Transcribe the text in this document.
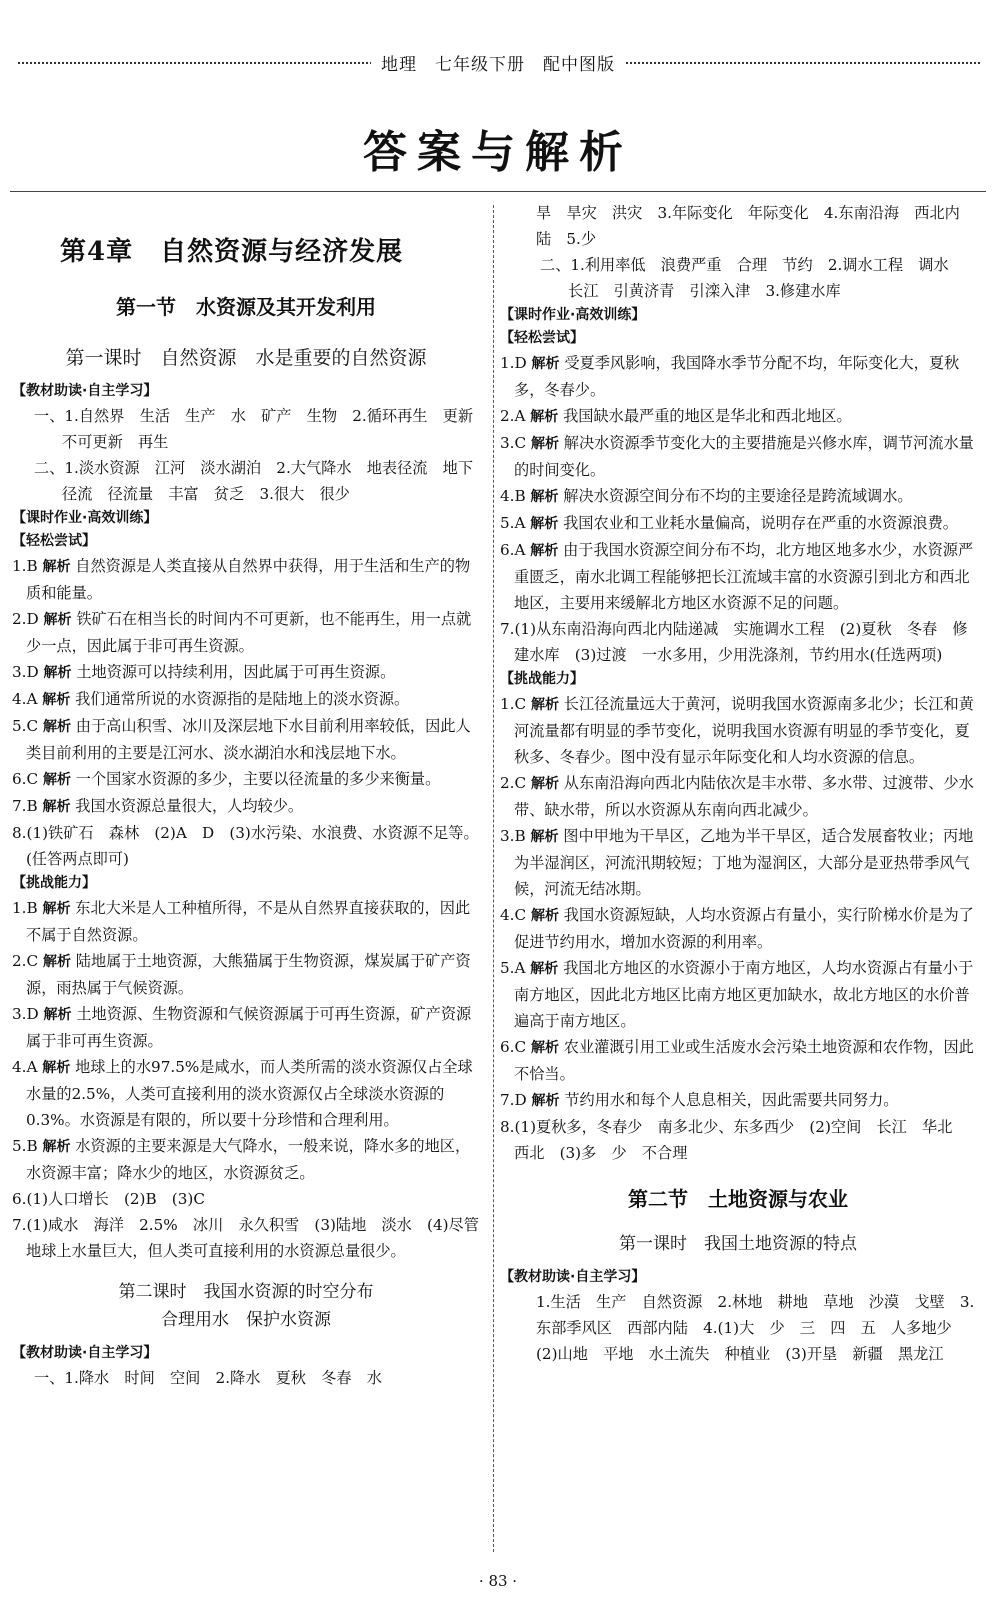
地理　七年级下册　配中图版
答案与解析
第4章　自然资源与经济发展
第一节　水资源及其开发利用
第一课时　自然资源　水是重要的自然资源
【教材助读·自主学习】

一、1.自然界　生活　生产　水　矿产　生物　2.循环再生　更新　不可更新　再生

二、1.淡水资源　江河　淡水湖泊　2.大气降水　地表径流　地下径流　径流量　丰富　贫乏　3.很大　很少

【课时作业·高效训练】
【轻松尝试】

1.B 解析 自然资源是人类直接从自然界中获得，用于生活和生产的物质和能量。

2.D 解析 铁矿石在相当长的时间内不可更新，也不能再生，用一点就少一点，因此属于非可再生资源。

3.D 解析 土地资源可以持续利用，因此属于可再生资源。

4.A 解析 我们通常所说的水资源指的是陆地上的淡水资源。

5.C 解析 由于高山积雪、冰川及深层地下水目前利用率较低，因此人类目前利用的主要是江河水、淡水湖泊水和浅层地下水。

6.C 解析 一个国家水资源的多少，主要以径流量的多少来衡量。

7.B 解析 我国水资源总量很大，人均较少。

8.(1)铁矿石　森林　(2)A　D　(3)水污染、水浪费、水资源不足等。(任答两点即可)

【挑战能力】

1.B 解析 东北大米是人工种植所得，不是从自然界直接获取的，因此不属于自然资源。

2.C 解析 陆地属于土地资源，大熊猫属于生物资源，煤炭属于矿产资源，雨热属于气候资源。

3.D 解析 土地资源、生物资源和气候资源属于可再生资源，矿产资源属于非可再生资源。

4.A 解析 地球上的水97.5%是咸水，而人类所需的淡水资源仅占全球水量的2.5%，人类可直接利用的淡水资源仅占全球淡水资源的0.3%。水资源是有限的，所以要十分珍惜和合理利用。

5.B 解析 水资源的主要来源是大气降水，一般来说，降水多的地区，水资源丰富；降水少的地区，水资源贫乏。

6.(1)人口增长　(2)B　(3)C

7.(1)咸水　海洋　2.5%　冰川　永久积雪　(3)陆地　淡水　(4)尽管地球上水量巨大，但人类可直接利用的水资源总量很少。

第二课时　我国水资源的时空分布
合理用水　保护水资源
【教材助读·自主学习】

一、1.降水　时间　空间　2.降水　夏秋　冬春　水

旱　旱灾　洪灾　3.年际变化　年际变化　4.东南沿海　西北内陆　5.少

二、1.利用率低　浪费严重　合理　节约　2.调水工程　调水　长江　引黄济青　引滦入津　3.修建水库

【课时作业·高效训练】
【轻松尝试】

1.D 解析 受夏季风影响，我国降水季节分配不均，年际变化大，夏秋多，冬春少。

2.A 解析 我国缺水最严重的地区是华北和西北地区。

3.C 解析 解决水资源季节变化大的主要措施是兴修水库，调节河流水量的时间变化。

4.B 解析 解决水资源空间分布不均的主要途径是跨流域调水。

5.A 解析 我国农业和工业耗水量偏高，说明存在严重的水资源浪费。

6.A 解析 由于我国水资源空间分布不均，北方地区地多水少，水资源严重匮乏，南水北调工程能够把长江流域丰富的水资源引到北方和西北地区，主要用来缓解北方地区水资源不足的问题。

7.(1)从东南沿海向西北内陆递减　实施调水工程　(2)夏秋　冬春　修建水库　(3)过渡　一水多用，少用洗涤剂，节约用水(任选两项)

【挑战能力】

1.C 解析 长江径流量远大于黄河，说明我国水资源南多北少；长江和黄河流量都有明显的季节变化，说明我国水资源有明显的季节变化，夏秋多、冬春少。图中没有显示年际变化和人均水资源的信息。

2.C 解析 从东南沿海向西北内陆依次是丰水带、多水带、过渡带、少水带、缺水带，所以水资源从东南向西北减少。

3.B 解析 图中甲地为干旱区，乙地为半干旱区，适合发展畜牧业；丙地为半湿润区，河流汛期较短；丁地为湿润区，大部分是亚热带季风气候，河流无结冰期。

4.C 解析 我国水资源短缺，人均水资源占有量小，实行阶梯水价是为了促进节约用水，增加水资源的利用率。

5.A 解析 我国北方地区的水资源小于南方地区，人均水资源占有量小于南方地区，因此北方地区比南方地区更加缺水，故北方地区的水价普遍高于南方地区。

6.C 解析 农业灌溉引用工业或生活废水会污染土地资源和农作物，因此不恰当。

7.D 解析 节约用水和每个人息息相关，因此需要共同努力。

8.(1)夏秋多，冬春少　南多北少、东多西少　(2)空间　长江　华北　西北　(3)多　少　不合理

第二节　土地资源与农业
第一课时　我国土地资源的特点
【教材助读·自主学习】

1.生活　生产　自然资源　2.林地　耕地　草地　沙漠　戈壁　3.东部季风区　西部内陆　4.(1)大　少　三　四　五　人多地少　(2)山地　平地　水土流失　种植业　(3)开垦　新疆　黑龙江

· 83 ·
